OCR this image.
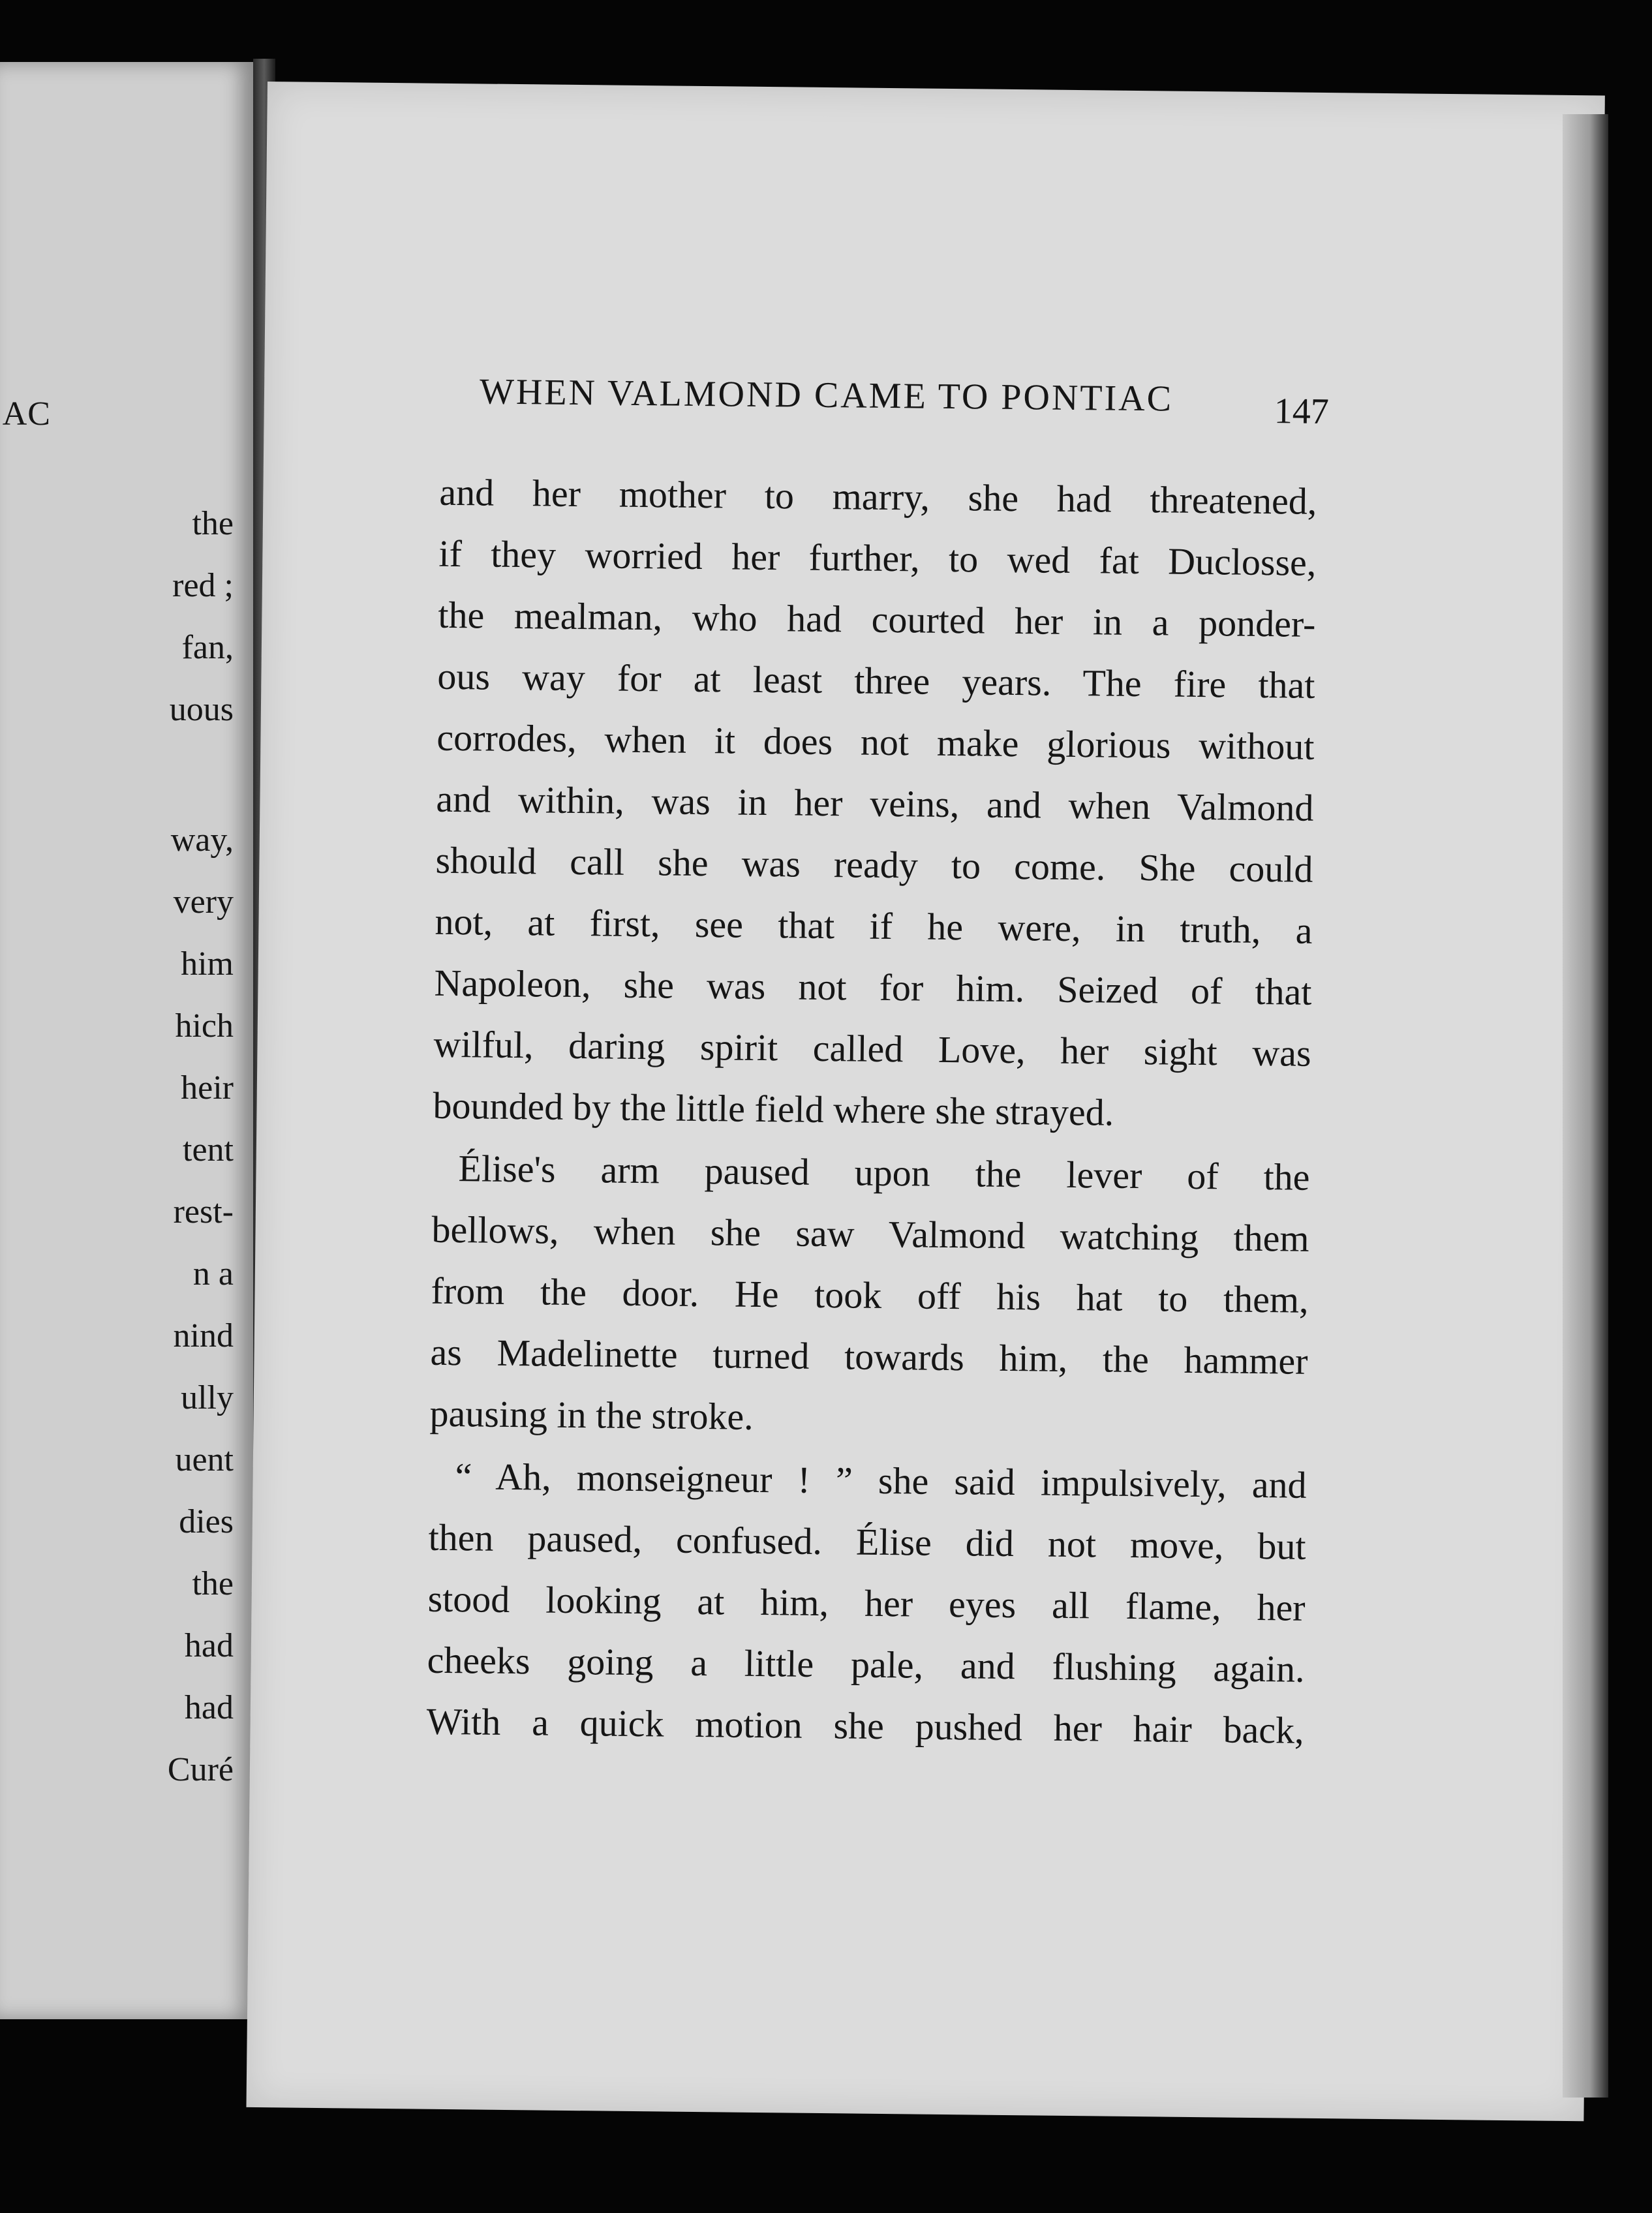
AC
the
red ;
fan,
uous
way,
very
him
hich
heir
tent
rest-
n a
nind
ully
uent
dies
the
had
had
Curé
WHEN VALMOND CAME TO PONTIAC	147

and her mother to marry, she had threatened,

if they worried her further, to wed fat Duclosse,

the mealman, who had courted her in a ponder-

ous way for at least three years. The fire that

corrodes, when it does not make glorious without

and within, was in her veins, and when Valmond

should call she was ready to come. She could

not, at first, see that if he were, in truth, a

Napoleon, she was not for him. Seized of that

wilful, daring spirit called Love, her sight was

bounded by the little field where she strayed.

Élise's arm paused upon the lever of the

bellows, when she saw Valmond watching them

from the door. He took off his hat to them,

as Madelinette turned towards him, the hammer

pausing in the stroke.

“ Ah, monseigneur ! ” she said impulsively, and

then paused, confused. Élise did not move, but

stood looking at him, her eyes all flame, her

cheeks going a little pale, and flushing again.

With a quick motion she pushed her hair back,
